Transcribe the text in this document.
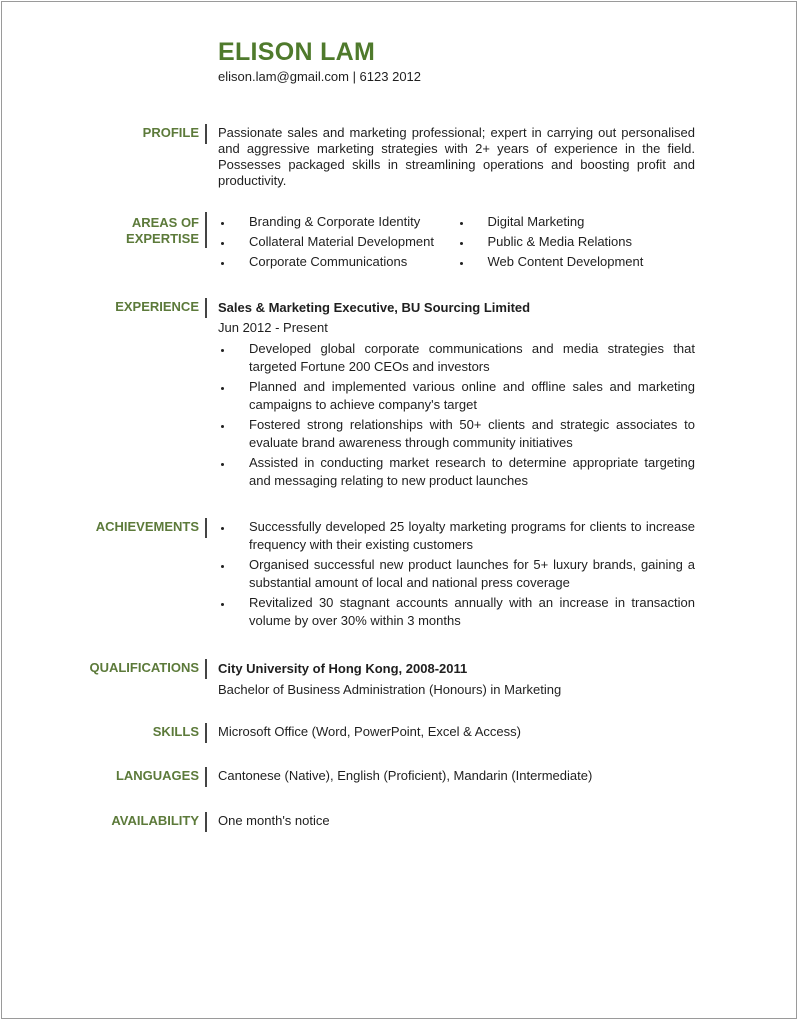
ELISON LAM
elison.lam@gmail.com | 6123 2012
PROFILE Passionate sales and marketing professional; expert in carrying out personalised and aggressive marketing strategies with 2+ years of experience in the field. Possesses packaged skills in streamlining operations and boosting profit and productivity.
AREAS OF
EXPERTISE
Branding & Corporate Identity
Collateral Material Development
Corporate Communications
Digital Marketing
Public & Media Relations
Web Content Development
EXPERIENCE Sales & Marketing Executive, BU Sourcing Limited
Jun 2012 - Present
Developed global corporate communications and media strategies that targeted Fortune 200 CEOs and investors
Planned and implemented various online and offline sales and marketing campaigns to achieve company's target
Fostered strong relationships with 50+ clients and strategic associates to evaluate brand awareness through community initiatives
Assisted in conducting market research to determine appropriate targeting and messaging relating to new product launches
ACHIEVEMENTS	Successfully developed 25 loyalty marketing programs for clients to increase frequency with their existing customers
Organised successful new product launches for 5+ luxury brands, gaining a substantial amount of local and national press coverage
Revitalized 30 stagnant accounts annually with an increase in transaction volume by over 30% within 3 months
QUALIFICATIONS City University of Hong Kong, 2008-2011
Bachelor of Business Administration (Honours) in Marketing
SKILLS Microsoft Office (Word, PowerPoint, Excel & Access)
LANGUAGES Cantonese (Native), English (Proficient), Mandarin (Intermediate)
AVAILABILITY One month's notice
